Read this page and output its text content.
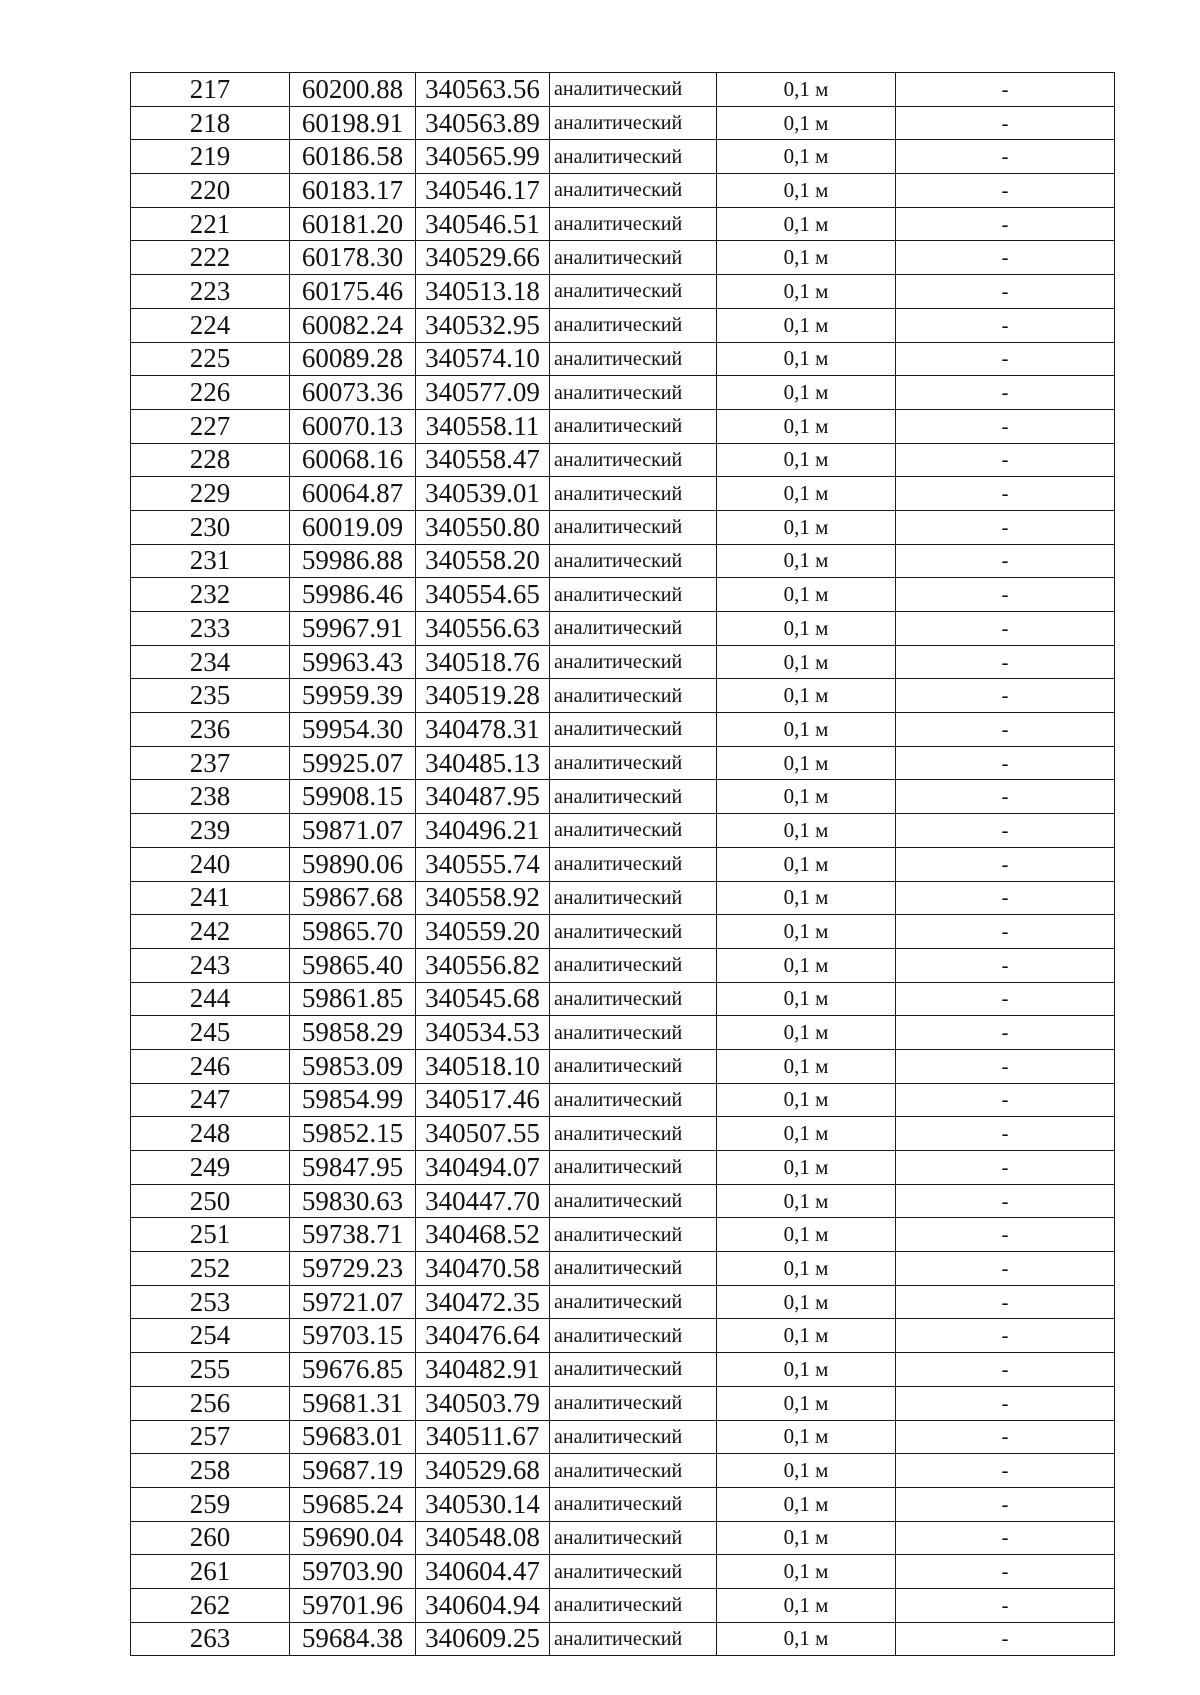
217	60200.88	340563.56	аналитический	0,1 м	-
218	60198.91	340563.89	аналитический	0,1 м	-
219	60186.58	340565.99	аналитический	0,1 м	-
220	60183.17	340546.17	аналитический	0,1 м	-
221	60181.20	340546.51	аналитический	0,1 м	-
222	60178.30	340529.66	аналитический	0,1 м	-
223	60175.46	340513.18	аналитический	0,1 м	-
224	60082.24	340532.95	аналитический	0,1 м	-
225	60089.28	340574.10	аналитический	0,1 м	-
226	60073.36	340577.09	аналитический	0,1 м	-
227	60070.13	340558.11	аналитический	0,1 м	-
228	60068.16	340558.47	аналитический	0,1 м	-
229	60064.87	340539.01	аналитический	0,1 м	-
230	60019.09	340550.80	аналитический	0,1 м	-
231	59986.88	340558.20	аналитический	0,1 м	-
232	59986.46	340554.65	аналитический	0,1 м	-
233	59967.91	340556.63	аналитический	0,1 м	-
234	59963.43	340518.76	аналитический	0,1 м	-
235	59959.39	340519.28	аналитический	0,1 м	-
236	59954.30	340478.31	аналитический	0,1 м	-
237	59925.07	340485.13	аналитический	0,1 м	-
238	59908.15	340487.95	аналитический	0,1 м	-
239	59871.07	340496.21	аналитический	0,1 м	-
240	59890.06	340555.74	аналитический	0,1 м	-
241	59867.68	340558.92	аналитический	0,1 м	-
242	59865.70	340559.20	аналитический	0,1 м	-
243	59865.40	340556.82	аналитический	0,1 м	-
244	59861.85	340545.68	аналитический	0,1 м	-
245	59858.29	340534.53	аналитический	0,1 м	-
246	59853.09	340518.10	аналитический	0,1 м	-
247	59854.99	340517.46	аналитический	0,1 м	-
248	59852.15	340507.55	аналитический	0,1 м	-
249	59847.95	340494.07	аналитический	0,1 м	-
250	59830.63	340447.70	аналитический	0,1 м	-
251	59738.71	340468.52	аналитический	0,1 м	-
252	59729.23	340470.58	аналитический	0,1 м	-
253	59721.07	340472.35	аналитический	0,1 м	-
254	59703.15	340476.64	аналитический	0,1 м	-
255	59676.85	340482.91	аналитический	0,1 м	-
256	59681.31	340503.79	аналитический	0,1 м	-
257	59683.01	340511.67	аналитический	0,1 м	-
258	59687.19	340529.68	аналитический	0,1 м	-
259	59685.24	340530.14	аналитический	0,1 м	-
260	59690.04	340548.08	аналитический	0,1 м	-
261	59703.90	340604.47	аналитический	0,1 м	-
262	59701.96	340604.94	аналитический	0,1 м	-
263	59684.38	340609.25	аналитический	0,1 м	-
